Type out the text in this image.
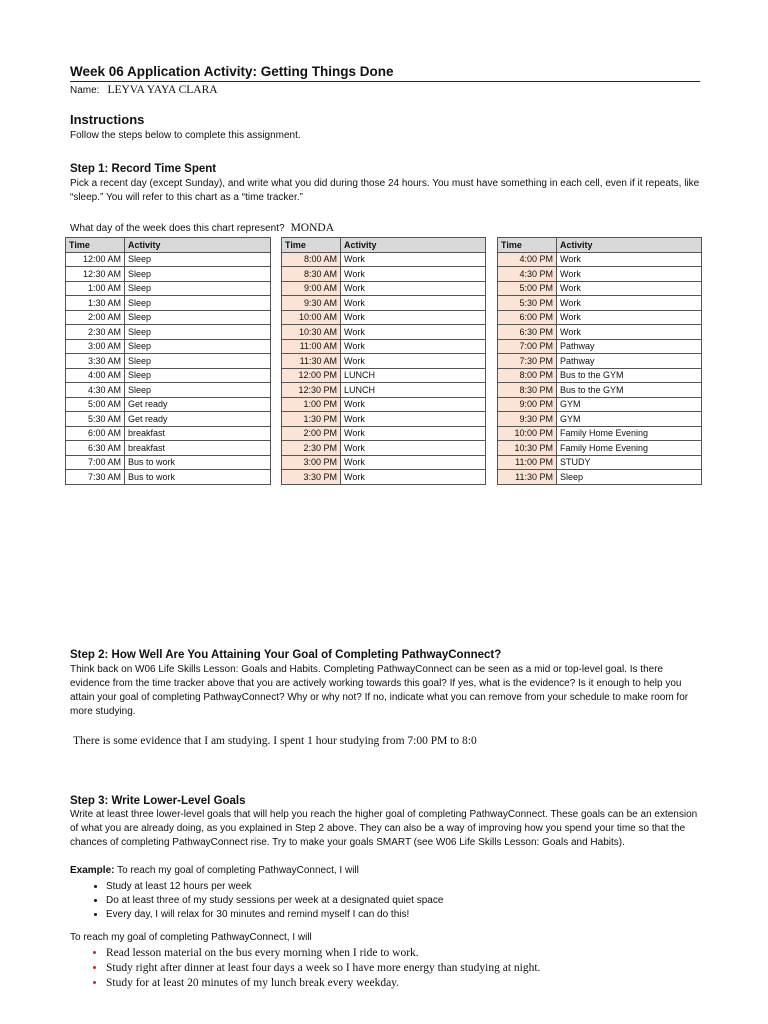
Week 06 Application Activity: Getting Things Done
Name: LEYVA YAYA CLARA
Instructions

Follow the steps below to complete this assignment.

Step 1: Record Time Spent

Pick a recent day (except Sunday), and write what you did during those 24 hours. You must have something in each cell, even if it repeats, like “sleep.” You will refer to this chart as a “time tracker.”

What day of the week does this chart represent? MONDA
Time	Activity
12:00 AM	Sleep
12:30 AM	Sleep
1:00 AM	Sleep
1:30 AM	Sleep
2:00 AM	Sleep
2:30 AM	Sleep
3:00 AM	Sleep
3:30 AM	Sleep
4:00 AM	Sleep
4:30 AM	Sleep
5:00 AM	Get ready
5:30 AM	Get ready
6:00 AM	breakfast
6:30 AM	breakfast
7:00 AM	Bus to work
7:30 AM	Bus to work
Time	Activity
8:00 AM	Work
8:30 AM	Work
9:00 AM	Work
9:30 AM	Work
10:00 AM	Work
10:30 AM	Work
11:00 AM	Work
11:30 AM	Work
12:00 PM	LUNCH
12:30 PM	LUNCH
1:00 PM	Work
1:30 PM	Work
2:00 PM	Work
2:30 PM	Work
3:00 PM	Work
3:30 PM	Work
Time	Activity
4:00 PM	Work
4:30 PM	Work
5:00 PM	Work
5:30 PM	Work
6:00 PM	Work
6:30 PM	Work
7:00 PM	Pathway
7:30 PM	Pathway
8:00 PM	Bus to the GYM
8:30 PM	Bus to the GYM
9:00 PM	GYM
9:30 PM	GYM
10:00 PM	Family Home Evening
10:30 PM	Family Home Evening
11:00 PM	STUDY
11:30 PM	Sleep
Step 2: How Well Are You Attaining Your Goal of Completing PathwayConnect?

Think back on W06 Life Skills Lesson: Goals and Habits. Completing PathwayConnect can be seen as a mid or top-level goal. Is there evidence from the time tracker above that you are actively working towards this goal? If yes, what is the evidence? Is it enough to help you attain your goal of completing PathwayConnect? Why or why not? If no, indicate what you can remove from your schedule to make room for more studying.

There is some evidence that I am studying. I spent 1 hour studying from 7:00 PM to 8:0

Step 3: Write Lower-Level Goals

Write at least three lower-level goals that will help you reach the higher goal of completing PathwayConnect. These goals can be an extension of what you are already doing, as you explained in Step 2 above. They can also be a way of improving how you spend your time so that the chances of completing PathwayConnect rise. Try to make your goals SMART (see W06 Life Skills Lesson: Goals and Habits).

Example: To reach my goal of completing PathwayConnect, I will

• Study at least 12 hours per week
• Do at least three of my study sessions per week at a designated quiet space
• Every day, I will relax for 30 minutes and remind myself I can do this!

To reach my goal of completing PathwayConnect, I will

• Read lesson material on the bus every morning when I ride to work.
• Study right after dinner at least four days a week so I have more energy than studying at night.
• Study for at least 20 minutes of my lunch break every weekday.
